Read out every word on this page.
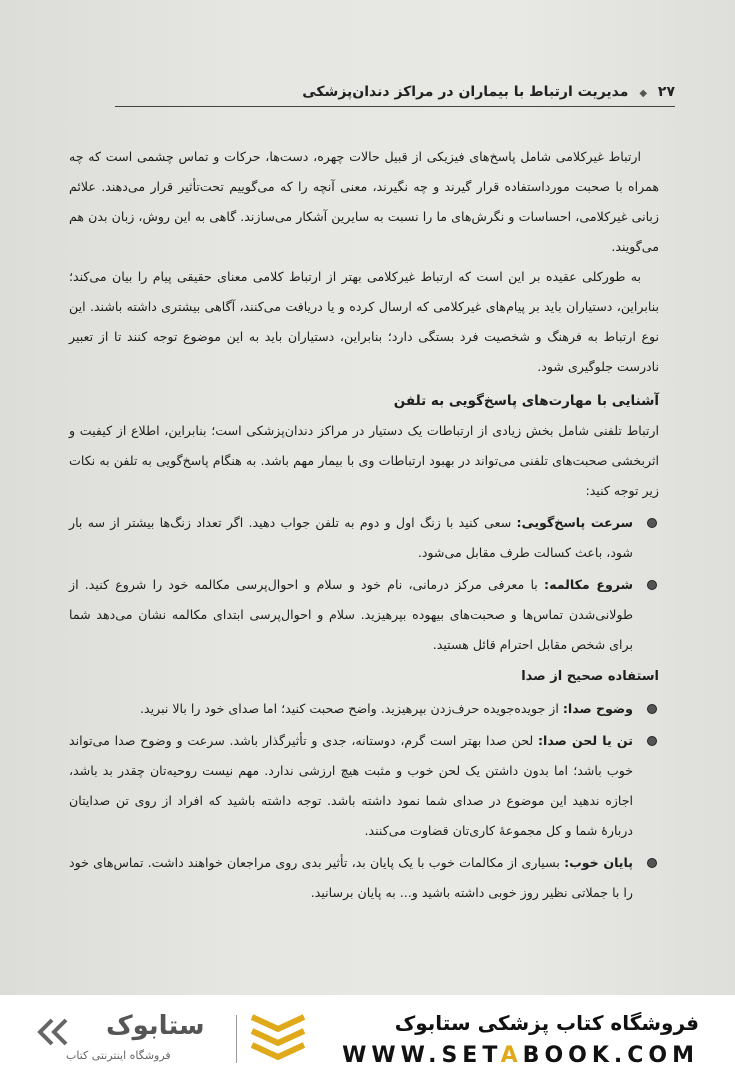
۲۷ ◆ مدیریت ارتباط با بیماران در مراکز دندان‌پزشکی

ارتباط غیرکلامی شامل پاسخ‌های فیزیکی از قبیل حالات چهره، دست‌ها، حرکات و تماس چشمی است که چه همراه با صحبت مورداستفاده قرار گیرند و چه نگیرند، معنی آنچه را که می‌گوییم تحت‌تأثیر قرار می‌دهند. علائم زبانی غیرکلامی، احساسات و نگرش‌های ما را نسبت به سایرین آشکار می‌سازند. گاهی به این روش، زبان بدن هم می‌گویند.

به طورکلی عقیده بر این است که ارتباط غیرکلامی بهتر از ارتباط کلامی معنای حقیقی پیام را بیان می‌کند؛ بنابراین، دستیاران باید بر پیام‌های غیرکلامی که ارسال کرده و یا دریافت می‌کنند، آگاهی بیشتری داشته باشند. این نوع ارتباط به فرهنگ و شخصیت فرد بستگی دارد؛ بنابراین، دستیاران باید به این موضوع توجه کنند تا از تعبیر نادرست جلوگیری شود.

آشنایی با مهارت‌های پاسخ‌گویی به تلفن

ارتباط تلفنی شامل بخش زیادی از ارتباطات یک دستیار در مراکز دندان‌پزشکی است؛ بنابراین، اطلاع از کیفیت و اثربخشی صحبت‌های تلفنی می‌تواند در بهبود ارتباطات وی با بیمار مهم باشد. به هنگام پاسخ‌گویی به تلفن به نکات زیر توجه کنید:

سرعت پاسخ‌گویی: سعی کنید با زنگ اول و دوم به تلفن جواب دهید. اگر تعداد زنگ‌ها بیشتر از سه بار شود، باعث کسالت طرف مقابل می‌شود.
شروع مکالمه: با معرفی مرکز درمانی، نام خود و سلام و احوال‌پرسی مکالمه خود را شروع کنید. از طولانی‌شدن تماس‌ها و صحبت‌های بیهوده بپرهیزید. سلام و احوال‌پرسی ابتدای مکالمه نشان می‌دهد شما برای شخص مقابل احترام قائل هستید.
استفاده صحیح از صدا
وضوح صدا: از جویده‌جویده حرف‌زدن بپرهیزید. واضح صحبت کنید؛ اما صدای خود را بالا نبرید.
تن یا لحن صدا: لحن صدا بهتر است گرم، دوستانه، جدی و تأثیرگذار باشد. سرعت و وضوح صدا می‌تواند خوب باشد؛ اما بدون داشتن یک لحن خوب و مثبت هیچ ارزشی ندارد. مهم نیست روحیه‌تان چقدر بد باشد، اجازه ندهید این موضوع در صدای شما نمود داشته باشد. توجه داشته باشید که افراد از روی تن صدایتان دربارهٔ شما و کل مجموعهٔ کاری‌تان قضاوت می‌کنند.
پایان خوب: بسیاری از مکالمات خوب با یک پایان بد، تأثیر بدی روی مراجعان خواهند داشت. تماس‌های خود را با جملاتی نظیر روز خوبی داشته باشید و... به پایان برسانید.
ستابوک
فروشگاه اینترنتی کتاب
فروشگاه کتاب پزشکی ستابوک
WWW.SETABOOK.COM
